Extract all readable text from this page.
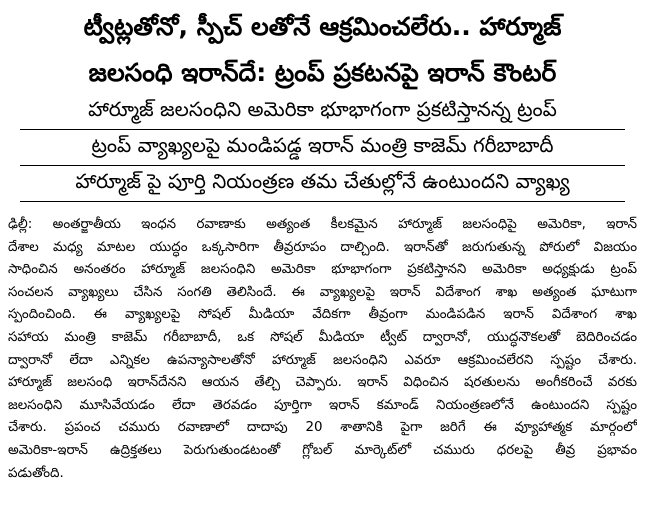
ట్వీట్లతోనో, స్పీచ్ లతోనే ఆక్రమించలేరు.. హార్మూజ్
జలసంధి ఇరాన్‌దే: ట్రంప్ ప్రకటనపై ఇరాన్ కౌంటర్
హార్మూజ్ జలసంధిని అమెరికా భూభాగంగా ప్రకటిస్తానన్న ట్రంప్
ట్రంప్ వ్యాఖ్యలపై మండిపడ్డ ఇరాన్ మంత్రి కాజెమ్ గరీబాబాదీ
హార్మూజ్ పై పూర్తి నియంత్రణ తమ చేతుల్లోనే ఉంటుందని వ్యాఖ్య
ఢిల్లీ: అంతర్జాతీయ ఇంధన రవాణాకు అత్యంత కీలకమైన హార్మూజ్ జలసంధిపై అమెరికా, ఇరాన్
దేశాల మధ్య మాటల యుద్ధం ఒక్కసారిగా తీవ్రరూపం దాల్చింది. ఇరాన్‌తో జరుగుతున్న పోరులో విజయం
సాధించిన అనంతరం హార్మూజ్ జలసంధిని అమెరికా భూభాగంగా ప్రకటిస్తానని అమెరికా అధ్యక్షుడు ట్రంప్
సంచలన వ్యాఖ్యలు చేసిన సంగతి తెలిసిందే. ఈ వ్యాఖ్యలపై ఇరాన్ విదేశాంగ శాఖ అత్యంత ఘాటుగా
స్పందించింది. ఈ వ్యాఖ్యలపై సోషల్ మీడియా వేదికగా తీవ్రంగా మండిపడిన ఇరాన్ విదేశాంగ శాఖ
సహాయ మంత్రి కాజెమ్ గరీబాబాదీ, ఒక సోషల్ మీడియా ట్వీట్ ద్వారానో, యుద్ధనౌకలతో బెదిరించడం
ద్వారానో లేదా ఎన్నికల ఉపన్యాసాలతోనో హార్మూజ్ జలసంధిని ఎవరూ ఆక్రమించలేరని స్పష్టం చేశారు.
హార్మూజ్ జలసంధి ఇరాన్‌దేనని ఆయన తేల్చి చెప్పారు. ఇరాన్ విధించిన షరతులను అంగీకరించే వరకు
జలసంధిని మూసివేయడం లేదా తెరవడం పూర్తిగా ఇరాన్ కమాండ్ నియంత్రణలోనే ఉంటుందని స్పష్టం
చేశారు. ప్రపంచ చమురు రవాణాలో దాదాపు 20 శాతానికి పైగా జరిగే ఈ వ్యూహాత్మక మార్గంలో
అమెరికా-ఇరాన్ ఉద్రిక్తతలు పెరుగుతుండటంతో గ్లోబల్ మార్కెట్‌లో చమురు ధరలపై తీవ్ర ప్రభావం
పడుతోంది.
